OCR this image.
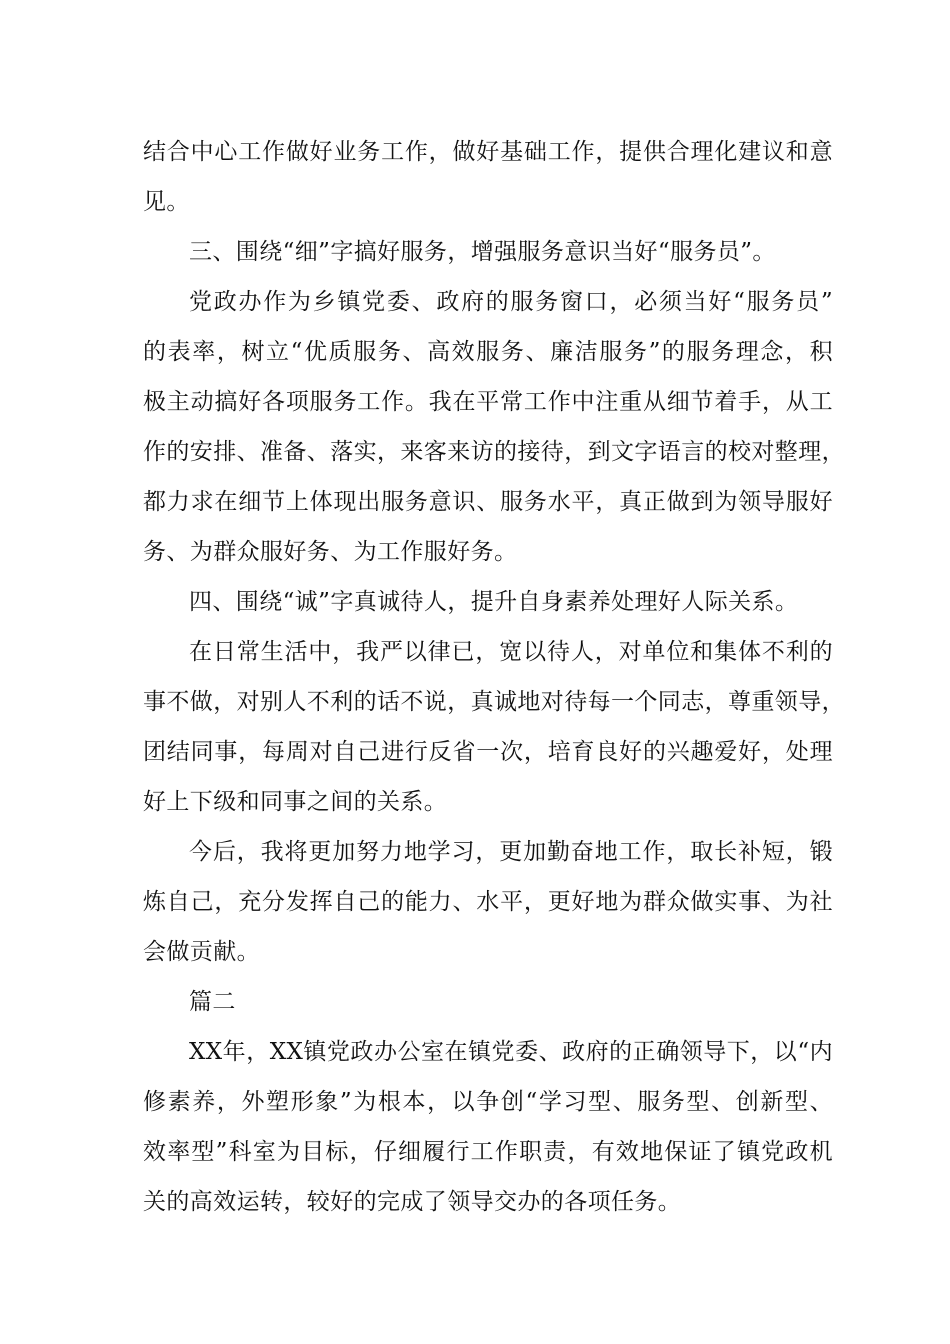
结合中心工作做好业务工作，做好基础工作，提供合理化建议和意
见。
三、围绕“细”字搞好服务，增强服务意识当好“服务员”。
党政办作为乡镇党委、政府的服务窗口，必须当好“服务员”
的表率，树立“优质服务、高效服务、廉洁服务”的服务理念，积
极主动搞好各项服务工作。我在平常工作中注重从细节着手，从工
作的安排、准备、落实，来客来访的接待，到文字语言的校对整理，
都力求在细节上体现出服务意识、服务水平，真正做到为领导服好
务、为群众服好务、为工作服好务。
四、围绕“诚”字真诚待人，提升自身素养处理好人际关系。
在日常生活中，我严以律已，宽以待人，对单位和集体不利的
事不做，对别人不利的话不说，真诚地对待每一个同志，尊重领导，
团结同事，每周对自己进行反省一次，培育良好的兴趣爱好，处理
好上下级和同事之间的关系。
今后，我将更加努力地学习，更加勤奋地工作，取长补短，锻
炼自己，充分发挥自己的能力、水平，更好地为群众做实事、为社
会做贡献。
篇二
XX年，XX镇党政办公室在镇党委、政府的正确领导下，以“内
修素养，外塑形象”为根本，以争创“学习型、服务型、创新型、
效率型”科室为目标，仔细履行工作职责，有效地保证了镇党政机
关的高效运转，较好的完成了领导交办的各项任务。
